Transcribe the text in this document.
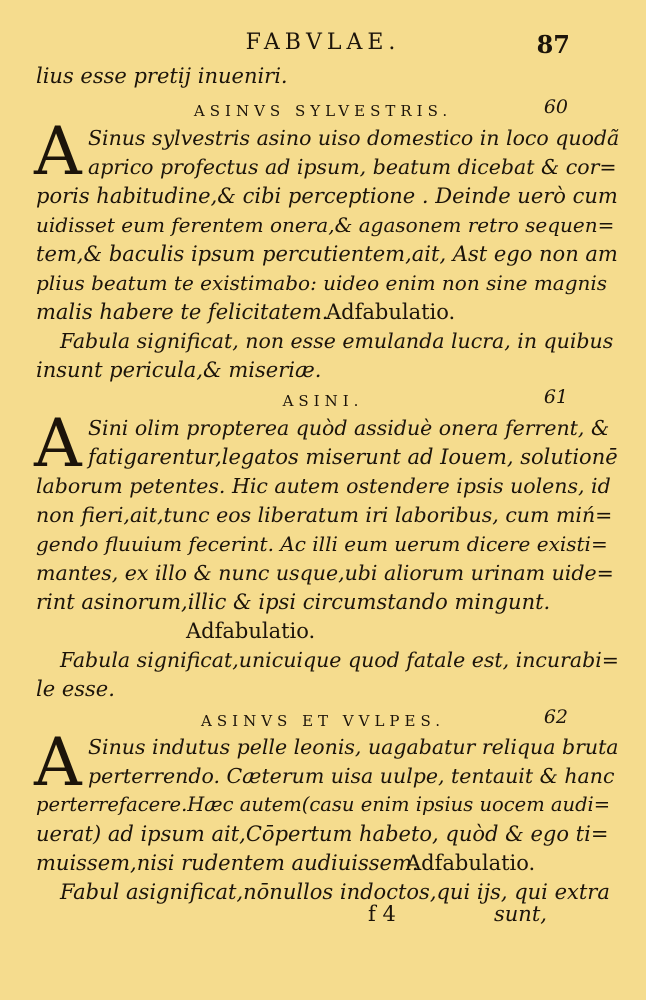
FABVLAE.	87
lius esse pretij inueniri.
ASINVS SYLVESTRIS.	60
A Sinus sylvestris asino uiso domestico in loco quodã
aprico profectus ad ipsum, beatum dicebat & cor=
poris habitudine,& cibi perceptione . Deinde uerò cum
uidisset eum ferentem onera,& agasonem retro sequen=
tem,& baculis ipsum percutientem,ait, Ast ego non am
plius beatum te existimabo: uideo enim non sine magnis
malis habere te felicitatem.
Adfabulatio.
Fabula significat, non esse emulanda lucra, in quibus
insunt pericula,& miseriæ.
ASINI.	61
A Sini olim propterea quòd assiduè onera ferrent, &
fatigarentur,legatos miserunt ad Iouem, solutionē
laborum petentes. Hic autem ostendere ipsis uolens, id
non fieri,ait,tunc eos liberatum iri laboribus, cum miń=
gendo fluuium fecerint. Ac illi eum uerum dicere existi=
mantes, ex illo & nunc usque,ubi aliorum urinam uide=
rint asinorum,illic & ipsi circumstando mingunt.
Adfabulatio.
Fabula significat,unicuique quod fatale est, incurabi=
le esse.
ASINVS ET VVLPES.	62
A Sinus indutus pelle leonis, uagabatur reliqua bruta
perterrendo. Cæterum uisa uulpe, tentauit & hanc
perterrefacere.Hæc autem(casu enim ipsius uocem audi=
uerat) ad ipsum ait,Cōpertum habeto, quòd & ego ti=
muissem,nisi rudentem audiuissem.
Adfabulatio.
Fabul asignificat,nōnullos indoctos,qui ijs, qui extra
f 4	sunt,
